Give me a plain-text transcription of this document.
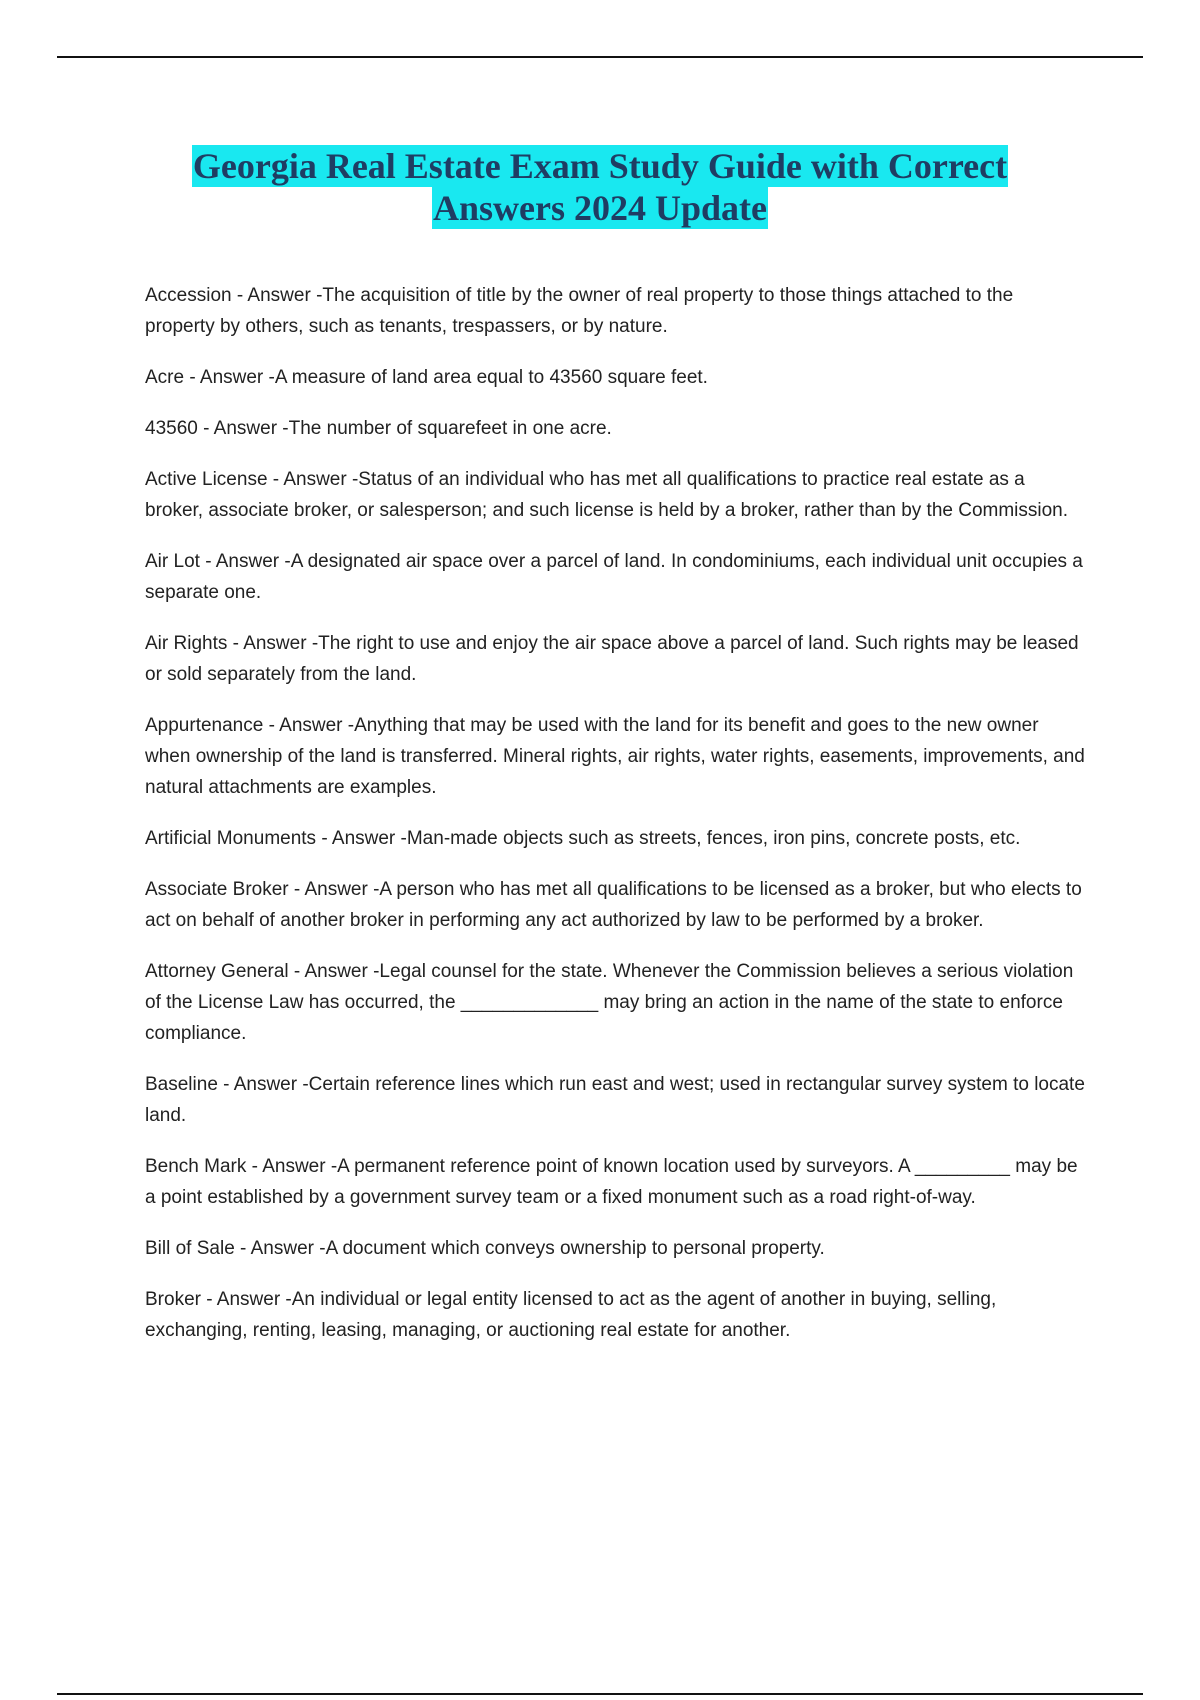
Georgia Real Estate Exam Study Guide with Correct
Answers 2024 Update

Accession - Answer -The acquisition of title by the owner of real property to those things attached to the property by others, such as tenants, trespassers, or by nature.

Acre - Answer -A measure of land area equal to 43560 square feet.

43560 - Answer -The number of squarefeet in one acre.

Active License - Answer -Status of an individual who has met all qualifications to practice real estate as a broker, associate broker, or salesperson; and such license is held by a broker, rather than by the Commission.

Air Lot - Answer -A designated air space over a parcel of land. In condominiums, each individual unit occupies a separate one.

Air Rights - Answer -The right to use and enjoy the air space above a parcel of land. Such rights may be leased or sold separately from the land.

Appurtenance - Answer -Anything that may be used with the land for its benefit and goes to the new owner when ownership of the land is transferred. Mineral rights, air rights, water rights, easements, improvements, and natural attachments are examples.

Artificial Monuments - Answer -Man-made objects such as streets, fences, iron pins, concrete posts, etc.

Associate Broker - Answer -A person who has met all qualifications to be licensed as a broker, but who elects to act on behalf of another broker in performing any act authorized by law to be performed by a broker.

Attorney General - Answer -Legal counsel for the state. Whenever the Commission believes a serious violation of the License Law has occurred, the _____________ may bring an action in the name of the state to enforce compliance.

Baseline - Answer -Certain reference lines which run east and west; used in rectangular survey system to locate land.

Bench Mark - Answer -A permanent reference point of known location used by surveyors. A _________ may be a point established by a government survey team or a fixed monument such as a road right-of-way.

Bill of Sale - Answer -A document which conveys ownership to personal property.

Broker - Answer -An individual or legal entity licensed to act as the agent of another in buying, selling, exchanging, renting, leasing, managing, or auctioning real estate for another.
